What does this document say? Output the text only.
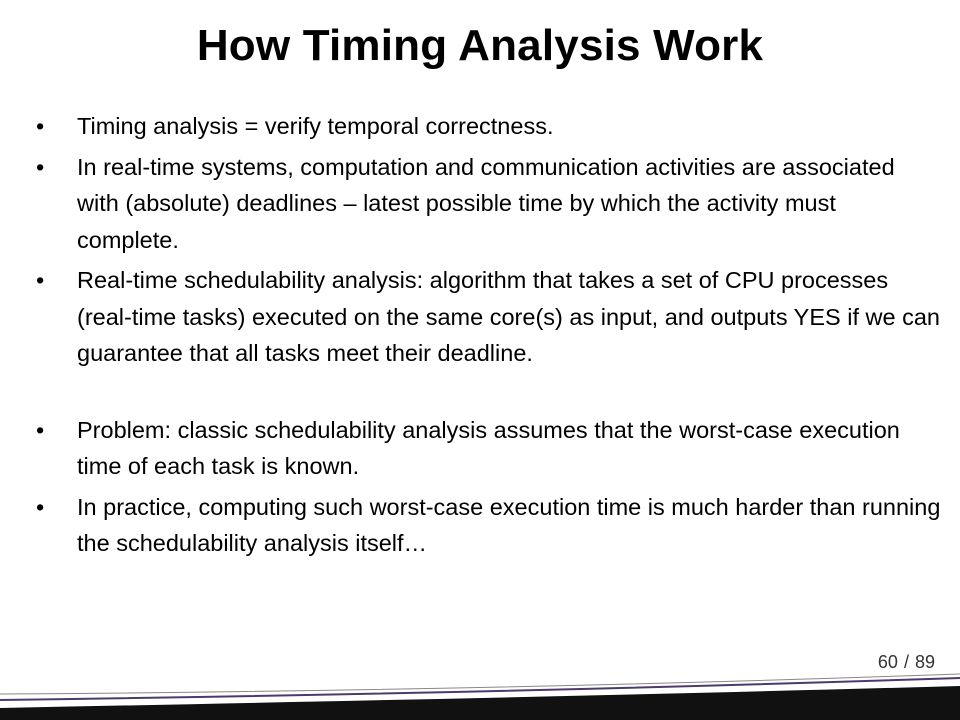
How Timing Analysis Work
•	Timing analysis = verify temporal correctness.
•	In real-time systems, computation and communication activities are associated with (absolute) deadlines – latest possible time by which the activity must complete.
•	Real-time schedulability analysis: algorithm that takes a set of CPU processes (real-time tasks) executed on the same core(s) as input, and outputs YES if we can guarantee that all tasks meet their deadline.
•	Problem: classic schedulability analysis assumes that the worst-case execution time of each task is known.
•	In practice, computing such worst-case execution time is much harder than running the schedulability analysis itself…
60 / 89
